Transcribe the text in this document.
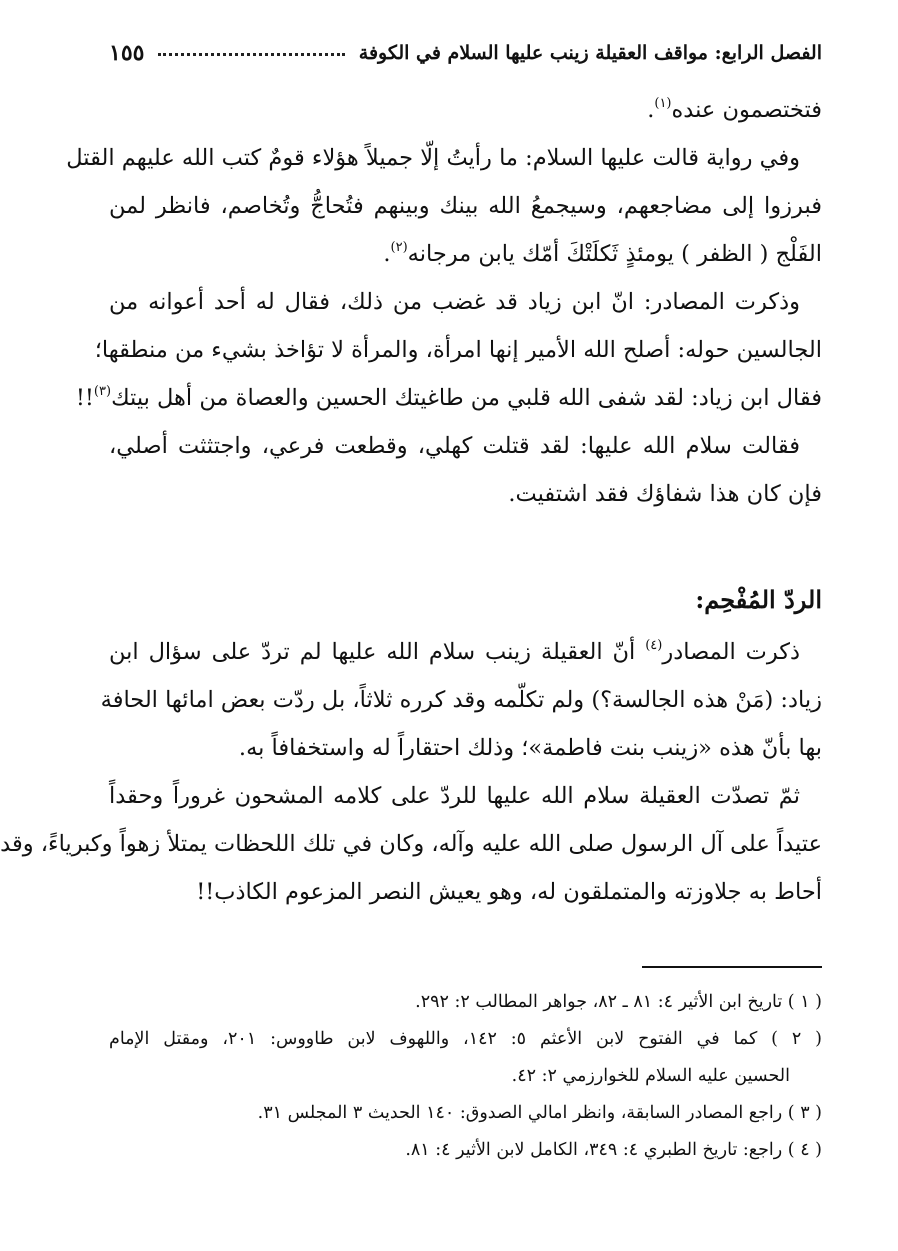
الفصل الرابع: مواقف العقيلة زينب عليها السلام في الكوفة
١٥٥
فتختصمون عنده$^{(١)}$.
وفي رواية قالت عليها السلام: ما رأيتُ إلّا جميلاً هؤلاء قومٌ كتب الله عليهم القتل
فبرزوا إلى مضاجعهم، وسيجمعُ الله بينك وبينهم فتُحاجُّ وتُخاصم، فانظر لمن
الفَلْج ( الظفر ) يومئذٍ ثَكلَتْكَ أمّك يابن مرجانه$^{(٢)}$.
وذكرت المصادر: انّ ابن زياد قد غضب من ذلك، فقال له أحد أعوانه من
الجالسين حوله: أصلح الله الأمير إنها امرأة، والمرأة لا تؤاخذ بشيء من منطقها؛
فقال ابن زياد: لقد شفى الله قلبي من طاغيتك الحسين والعصاة من أهل بيتك$^{(٣)}$!!
فقالت سلام الله عليها: لقد قتلت كهلي، وقطعت فرعي، واجتثثت أصلي،
فإن كان هذا شفاؤك فقد اشتفيت.
الردّ المُفْحِم:
ذكرت المصادر$^{(٤)}$ أنّ العقيلة زينب سلام الله عليها لم تردّ على سؤال ابن
زياد: (مَنْ هذه الجالسة؟) ولم تكلّمه وقد كرره ثلاثاً، بل ردّت بعض امائها الحافة
بها بأنّ هذه «زينب بنت فاطمة»؛ وذلك احتقاراً له واستخفافاً به.
ثمّ تصدّت العقيلة سلام الله عليها للردّ على كلامه المشحون غروراً وحقداً
عتيداً على آل الرسول صلى الله عليه وآله، وكان في تلك اللحظات يمتلأ زهواً وكبرياءً، وقد
أحاط به جلاوزته والمتملقون له، وهو يعيش النصر المزعوم الكاذب!!
( ١ ) تاريخ ابن الأثير ٤: ٨١ ـ ٨٢، جواهر المطالب ٢: ٢٩٢.
( ٢ ) كما في الفتوح لابن الأعثم ٥: ١٤٢، واللهوف لابن طاووس: ٢٠١، ومقتل الإمام
الحسين عليه السلام للخوارزمي ٢: ٤٢.
( ٣ ) راجع المصادر السابقة، وانظر امالي الصدوق: ١٤٠ الحديث ٣ المجلس ٣١.
( ٤ ) راجع: تاريخ الطبري ٤: ٣٤٩، الكامل لابن الأثير ٤: ٨١.
